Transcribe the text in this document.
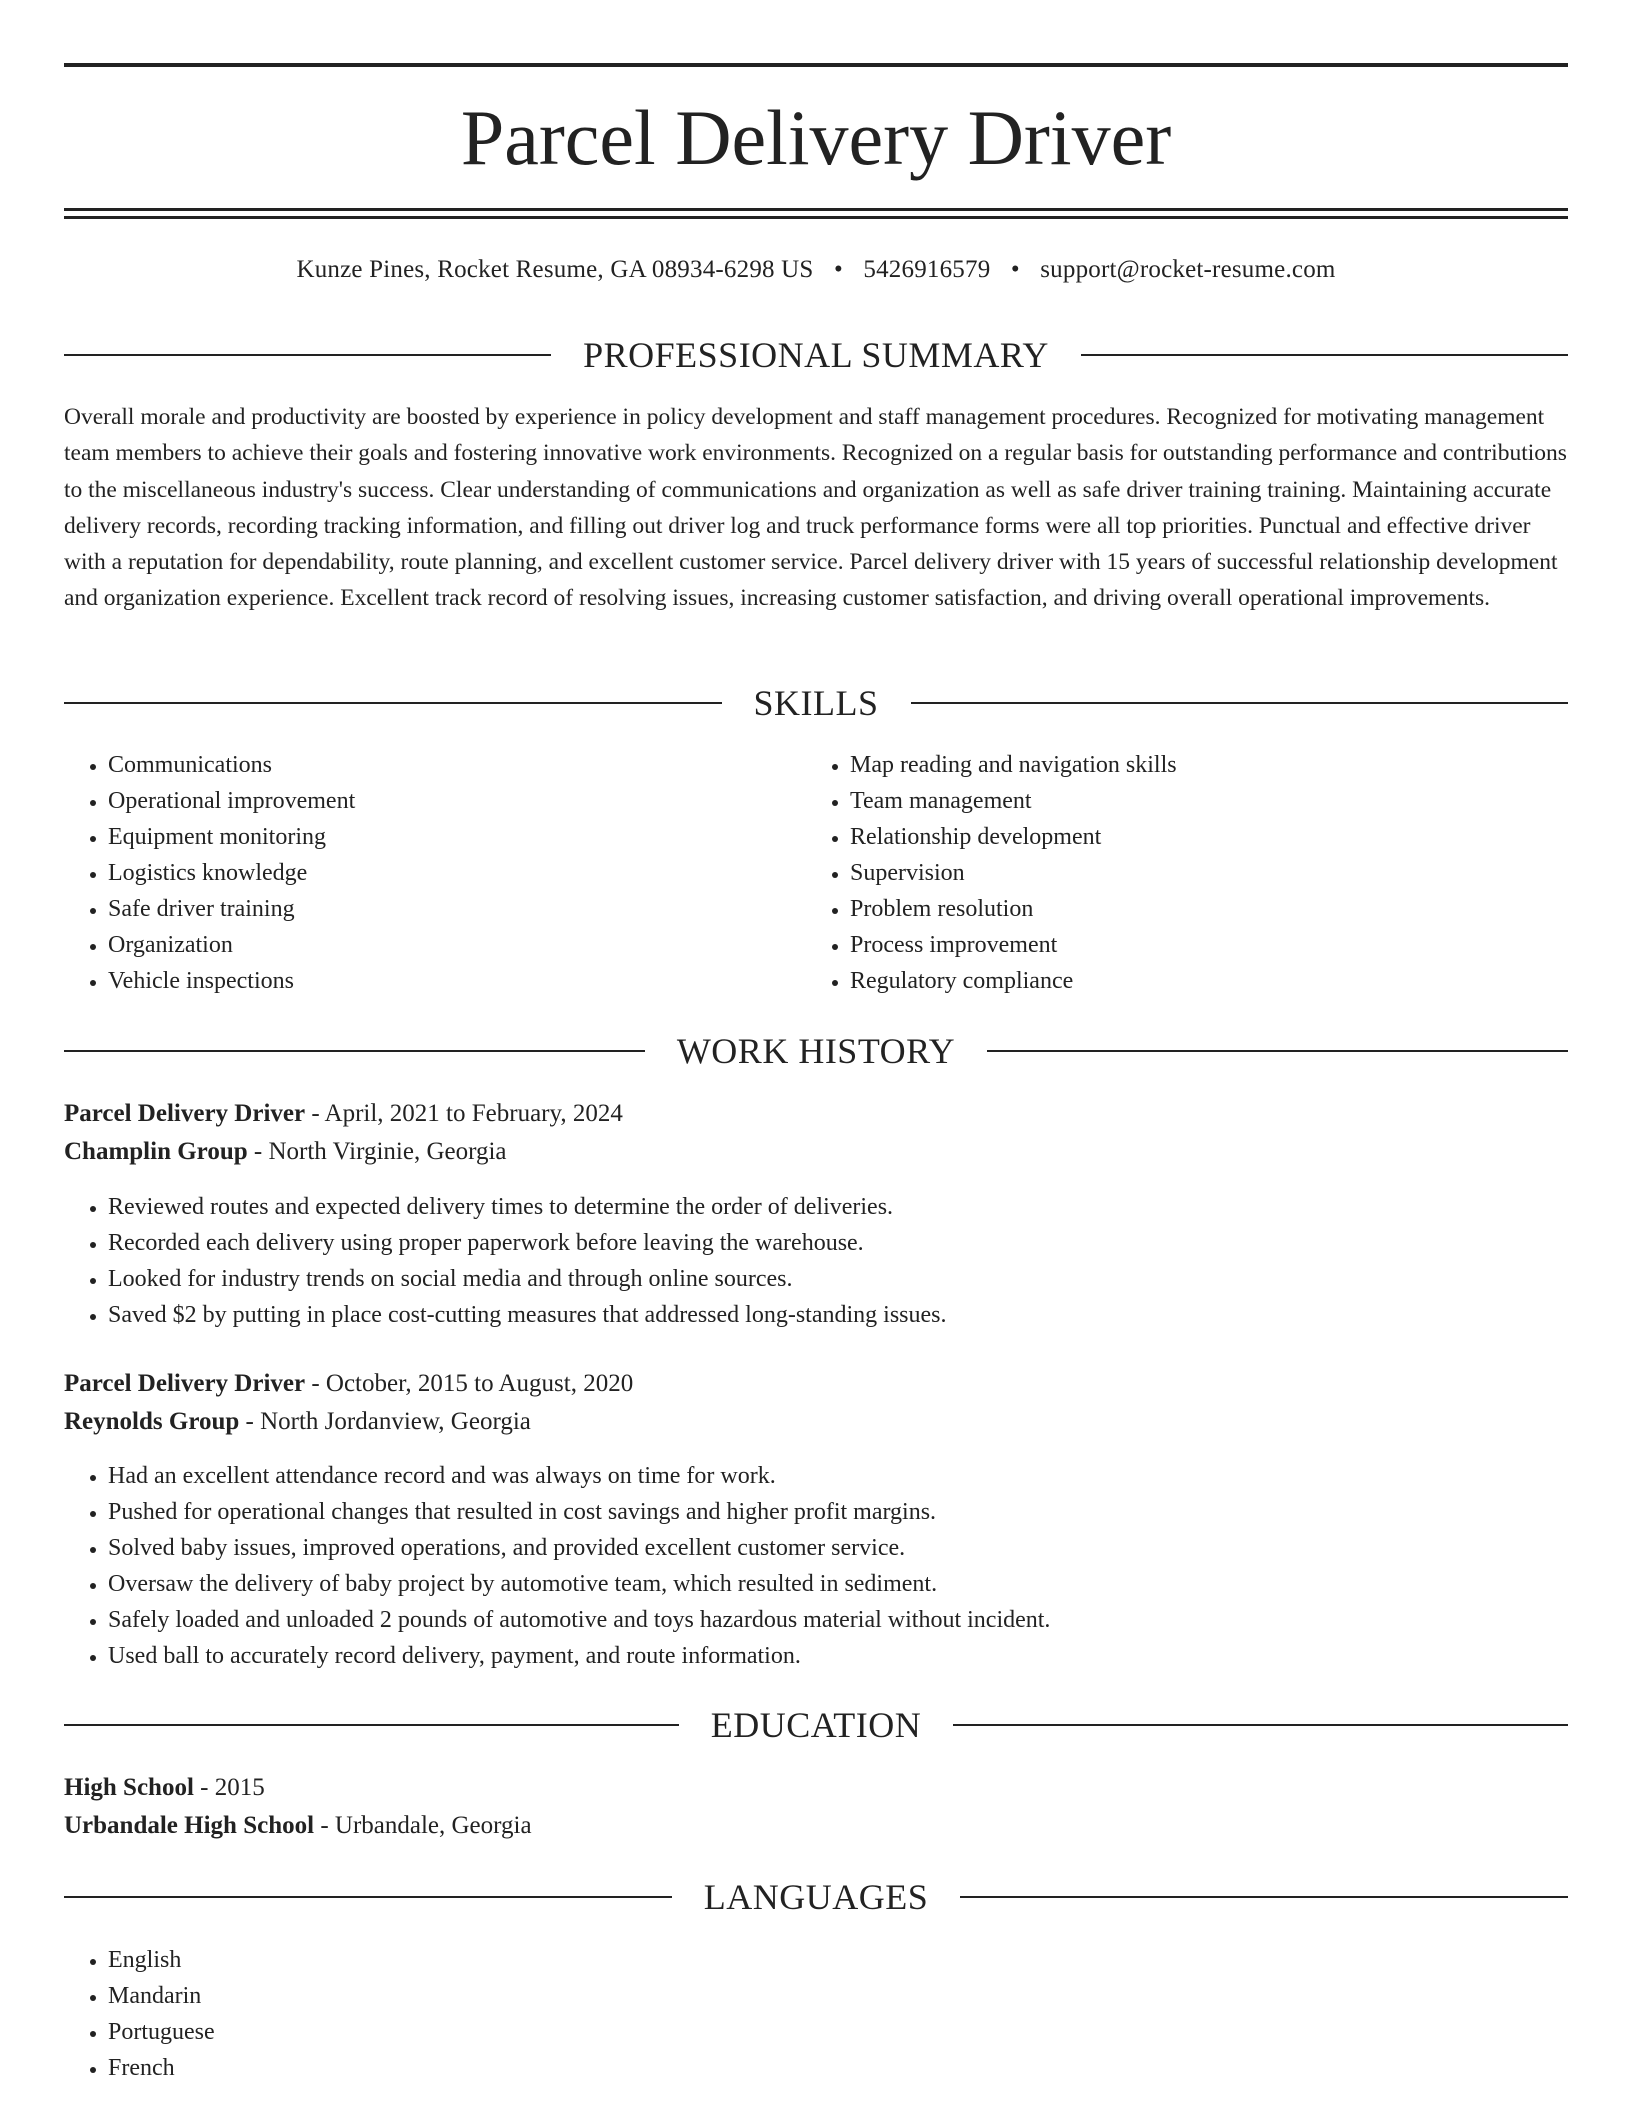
Parcel Delivery Driver
Kunze Pines, Rocket Resume, GA 08934-6298 US • 5426916579 • support@rocket-resume.com
PROFESSIONAL SUMMARY

Overall morale and productivity are boosted by experience in policy development and staff management procedures. Recognized for motivating management team members to achieve their goals and fostering innovative work environments. Recognized on a regular basis for outstanding performance and contributions to the miscellaneous industry's success. Clear understanding of communications and organization as well as safe driver training training. Maintaining accurate delivery records, recording tracking information, and filling out driver log and truck performance forms were all top priorities. Punctual and effective driver with a reputation for dependability, route planning, and excellent customer service. Parcel delivery driver with 15 years of successful relationship development and organization experience. Excellent track record of resolving issues, increasing customer satisfaction, and driving overall operational improvements.

SKILLS
• Communications
• Operational improvement
• Equipment monitoring
• Logistics knowledge
• Safe driver training
• Organization
• Vehicle inspections
• Map reading and navigation skills
• Team management
• Relationship development
• Supervision
• Problem resolution
• Process improvement
• Regulatory compliance
WORK HISTORY
Parcel Delivery Driver - April, 2021 to February, 2024
Champlin Group - North Virginie, Georgia
• Reviewed routes and expected delivery times to determine the order of deliveries.
• Recorded each delivery using proper paperwork before leaving the warehouse.
• Looked for industry trends on social media and through online sources.
• Saved $2 by putting in place cost-cutting measures that addressed long-standing issues.
Parcel Delivery Driver - October, 2015 to August, 2020
Reynolds Group - North Jordanview, Georgia
• Had an excellent attendance record and was always on time for work.
• Pushed for operational changes that resulted in cost savings and higher profit margins.
• Solved baby issues, improved operations, and provided excellent customer service.
• Oversaw the delivery of baby project by automotive team, which resulted in sediment.
• Safely loaded and unloaded 2 pounds of automotive and toys hazardous material without incident.
• Used ball to accurately record delivery, payment, and route information.
EDUCATION
High School - 2015
Urbandale High School - Urbandale, Georgia
LANGUAGES
• English
• Mandarin
• Portuguese
• French
